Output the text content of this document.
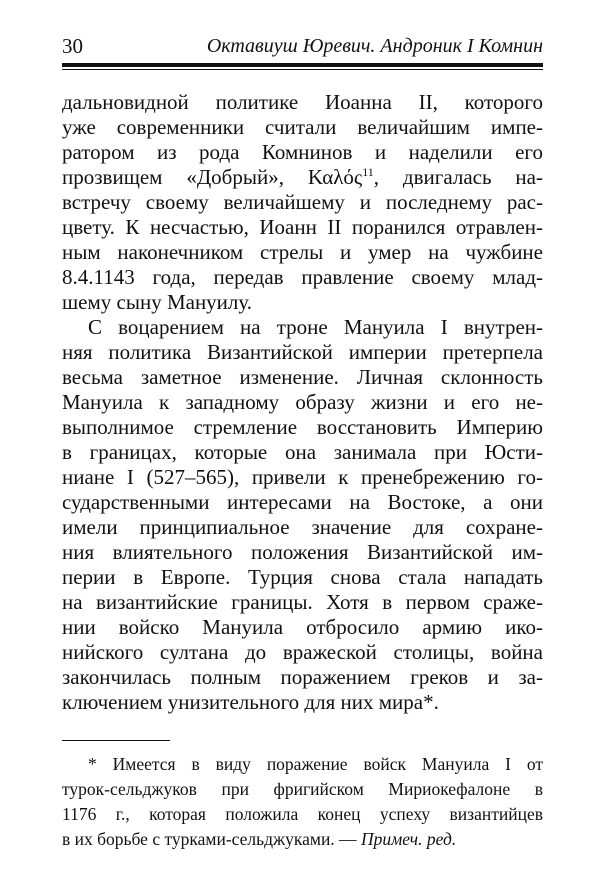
30	Октавиуш Юревич. Андроник I Комнин
дальновидной политике Иоанна II, которого
уже современники считали величайшим импе-
ратором из рода Комнинов и наделили его
прозвищем «Добрый», Καλός$^{11}$, двигалась на-
встречу своему величайшему и последнему рас-
цвету. К несчастью, Иоанн II поранился отравлен-
ным наконечником стрелы и умер на чужбине
8.4.1143 года, передав правление своему млад-
шему сыну Мануилу.
С воцарением на троне Мануила I внутрен-
няя политика Византийской империи претерпела
весьма заметное изменение. Личная склонность
Мануила к западному образу жизни и его не-
выполнимое стремление восстановить Империю
в границах, которые она занимала при Юсти-
ниане I (527–565), привели к пренебрежению го-
сударственными интересами на Востоке, а они
имели принципиальное значение для сохране-
ния влиятельного положения Византийской им-
перии в Европе. Турция снова стала нападать
на византийские границы. Хотя в первом сраже-
нии войско Мануила отбросило армию ико-
нийского султана до вражеской столицы, война
закончилась полным поражением греков и за-
ключением унизительного для них мира*.
* Имеется в виду поражение войск Мануила I от
турок-сельджуков при фригийском Мириокефалоне в
1176 г., которая положила конец успеху византийцев
в их борьбе с турками-сельджуками. — Примеч. ред.
